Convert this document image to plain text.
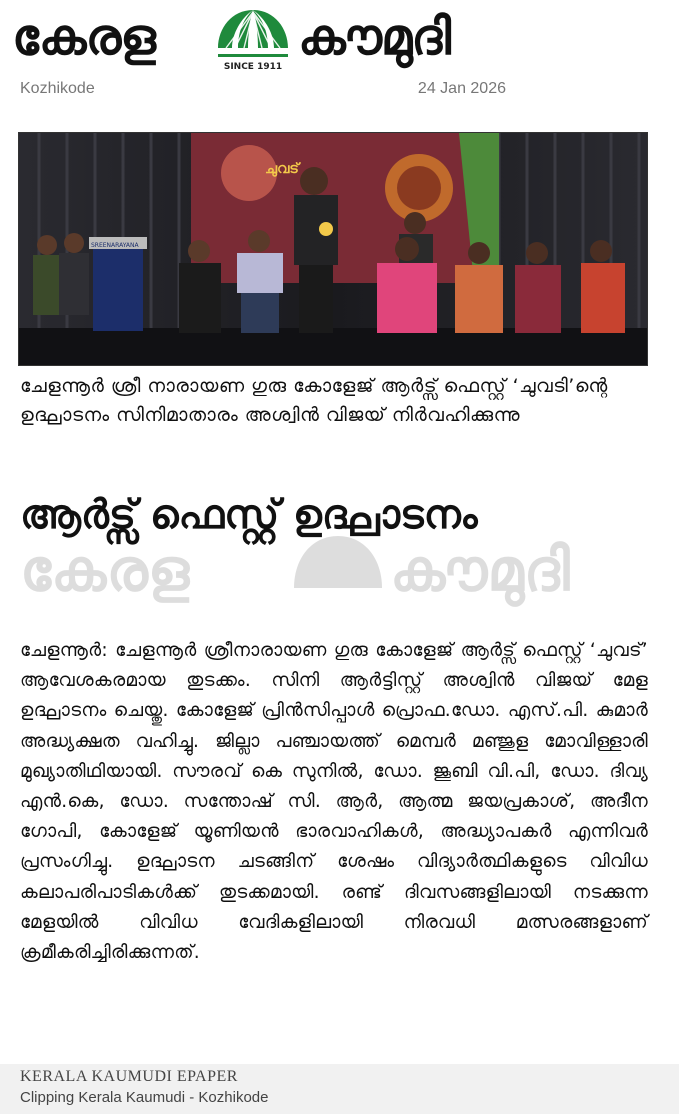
കേരള
SINCE 1911
കൗമുദി
Kozhikode	24 Jan 2026
ചുവട്
SREENARAYANA
ചേളന്നൂർ ശ്രീ നാരായണ ഗുരു കോളേജ് ആർട്സ് ഫെസ്റ്റ് ‘ചുവടി’ന്റെ ഉദ്ഘാടനം സിനിമാതാരം അശ്വിൻ വിജയ് നിർവഹിക്കുന്നു
കേരള	കൗമുദി
ആർട്സ് ഫെസ്റ്റ് ഉദ്ഘാടനം
ചേളന്നൂർ: ചേളന്നൂർ ശ്രീനാരായണ ഗുരു കോളേജ് ആർട്സ് ഫെസ്റ്റ് ‘ചുവട്’ ആവേശകരമായ തുടക്കം. സിനി ആർട്ടിസ്റ്റ് അശ്വിൻ വിജയ് മേള ഉദ്ഘാടനം ചെയ്തു. കോളേജ് പ്രിൻസിപ്പാൾ പ്രൊഫ.ഡോ. എസ്.പി. കുമാർ അദ്ധ്യക്ഷത വഹിച്ചു. ജില്ലാ പഞ്ചായത്ത് മെമ്പർ മഞ്ജുള മോവിള്ളാരി മുഖ്യാതിഥിയായി. സൗരവ് കെ സുനിൽ, ഡോ. ജൂബി വി.പി, ഡോ. ദിവ്യ എൻ.കെ, ഡോ. സന്തോഷ് സി. ആർ, ആത്മ ജയപ്രകാശ്, അദീന ഗോപി, കോളേജ് യൂണിയൻ ഭാരവാഹികൾ, അദ്ധ്യാപകർ എന്നിവർ പ്രസംഗിച്ചു. ഉദ്ഘാടന ചടങ്ങിന് ശേഷം വിദ്യാർത്ഥികളുടെ വിവിധ കലാപരിപാടികൾക്ക് തുടക്കമായി. രണ്ട് ദിവസങ്ങളിലായി നടക്കുന്ന മേളയിൽ വിവിധ വേദികളിലായി നിരവധി മത്സരങ്ങളാണ് ക്രമീകരിച്ചിരിക്കുന്നത്.
KERALA KAUMUDI EPAPER
Clipping Kerala Kaumudi - Kozhikode
